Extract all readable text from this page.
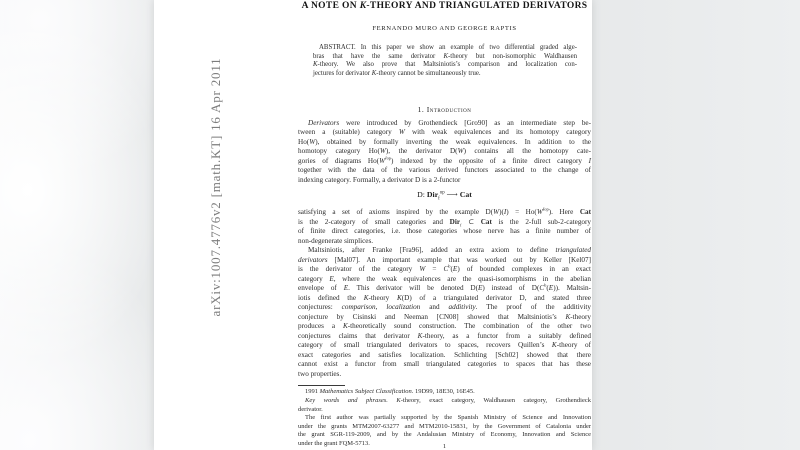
arXiv:1007.4776v2 [math.KT] 16 Apr 2011
A NOTE ON K-THEORY AND TRIANGULATED DERIVATORS
FERNANDO MURO AND GEORGE RAPTIS
ABSTRACT. In this paper we show an example of two differential graded alge-
bras that have the same derivator K-theory but non-isomorphic Waldhausen
K-theory. We also prove that Maltsiniotis’s comparison and localization con-
jectures for derivator K-theory cannot be simultaneously true.
1. Introduction
Derivators were introduced by Grothendieck [Gro90] as an intermediate step be-
tween a (suitable) category W with weak equivalences and its homotopy category
Ho(W), obtained by formally inverting the weak equivalences. In addition to the
homotopy category Ho(W), the derivator D(W) contains all the homotopy cate-
gories of diagrams $Ho(W^{Iop})$ indexed by the opposite of a finite direct category I
together with the data of the various derived functors associated to the change of
indexing category. Formally, a derivator D is a 2-functor
D: Dir$_f^{op}$ ⟶ Cat
satisfying a set of axioms inspired by the example $D(W)(I) = Ho(W^{Iop})$. Here Cat
is the 2-category of small categories and Dir$_f$ ⊂ Cat is the 2-full sub-2-category
of finite direct categories, i.e. those categories whose nerve has a finite number of
non-degenerate simplices.
Maltsiniotis, after Franke [Fra96], added an extra axiom to define triangulated
derivators [Mal07]. An important example that was worked out by Keller [Kel07]
is the derivator of the category $W = C^b(E)$ of bounded complexes in an exact
category E, where the weak equivalences are the quasi-isomorphisms in the abelian
envelope of E. This derivator will be denoted D(E) instead of $D(C^b(E))$. Maltsin-
iotis defined the K-theory K(D) of a triangulated derivator D, and stated three
conjectures: comparison, localization and additivity. The proof of the additivity
conjecture by Cisinski and Neeman [CN08] showed that Maltsiniotis’s K-theory
produces a K-theoretically sound construction. The combination of the other two
conjectures claims that derivator K-theory, as a functor from a suitably defined
category of small triangulated derivators to spaces, recovers Quillen’s K-theory of
exact categories and satisfies localization. Schlichting [Sch02] showed that there
cannot exist a functor from small triangulated categories to spaces that has these
two properties.
1991 Mathematics Subject Classification. 19D99, 18E30, 16E45.
Key words and phrases. K-theory, exact category, Waldhausen category, Grothendieck
derivator.
The first author was partially supported by the Spanish Ministry of Science and Innovation
under the grants MTM2007-63277 and MTM2010-15831, by the Government of Catalonia under
the grant SGR-119-2009, and by the Andalusian Ministry of Economy, Innovation and Science
under the grant FQM-5713.	1
